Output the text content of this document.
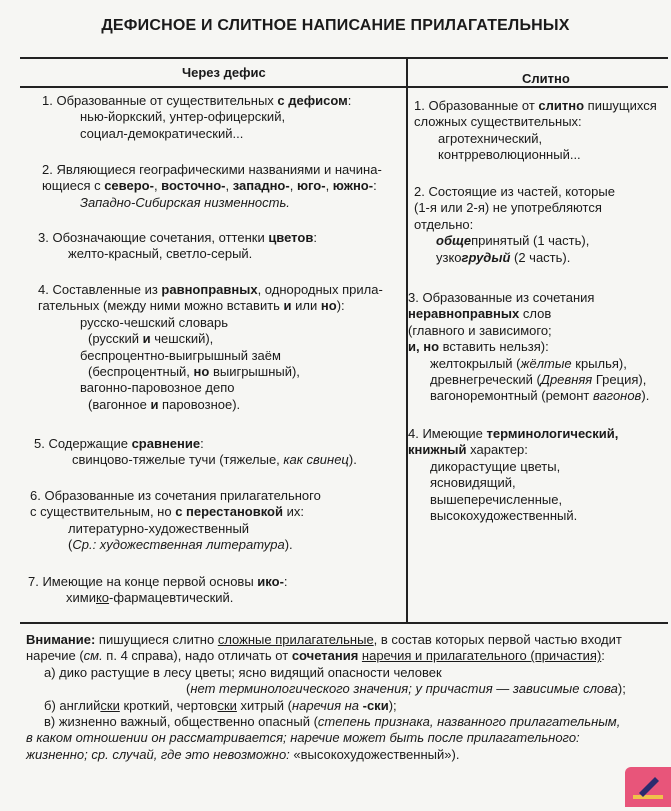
ДЕФИСНОЕ И СЛИТНОЕ НАПИСАНИЕ ПРИЛАГАТЕЛЬНЫХ
Через дефис	Слитно
1. Образованные от существительных с дефисом:
нью-йоркский, унтер-офицерский,
социал-демократический...
2. Являющиеся географическими названиями и начина-
ющиеся с северо-, восточно-, западно-, юго-, южно-:
Западно-Сибирская низменность.
3. Обозначающие сочетания, оттенки цветов:
желто-красный, светло-серый.
4. Составленные из равноправных, однородных прила-
гательных (между ними можно вставить и или но):
русско-чешский словарь
(русский и чешский),
беспроцентно-выигрышный заём
(беспроцентный, но выигрышный),
вагонно-паровозное депо
(вагонное и паровозное).
5. Содержащие сравнение:
свинцово-тяжелые тучи (тяжелые, как свинец).
6. Образованные из сочетания прилагательного
с существительным, но с перестановкой их:
литературно-художественный
(Ср.: художественная литература).
7. Имеющие на конце первой основы ико-:
химико-фармацевтический.
1. Образованные от слитно пишущихся
сложных существительных:
агротехнический,
контрреволюционный...
2. Состоящие из частей, которые
(1-я или 2-я) не употребляются
отдельно:
общепринятый (1 часть),
узкогрудый (2 часть).
3. Образованные из сочетания
неравноправных слов
(главного и зависимого;
и, но вставить нельзя):
желтокрылый (жёлтые крылья),
древнегреческий (Древняя Греция),
вагоноремонтный (ремонт вагонов).
4. Имеющие терминологический,
книжный характер:
дикорастущие цветы,
ясновидящий,
вышеперечисленные,
высокохудожественный.
Внимание: пишущиеся слитно сложные прилагательные, в состав которых первой частью входит
наречие (см. п. 4 справа), надо отличать от сочетания наречия и прилагательного (причастия):
а) дико растущие в лесу цветы; ясно видящий опасности человек
(нет терминологического значения; у причастия — зависимые слова);
б) английски кроткий, чертовски хитрый (наречия на -ски);
в) жизненно важный, общественно опасный (степень признака, названного прилагательным,
в каком отношении он рассматривается; наречие может быть после прилагательного:
жизненно; ср. случай, где это невозможно: «высокохудожественный»).
